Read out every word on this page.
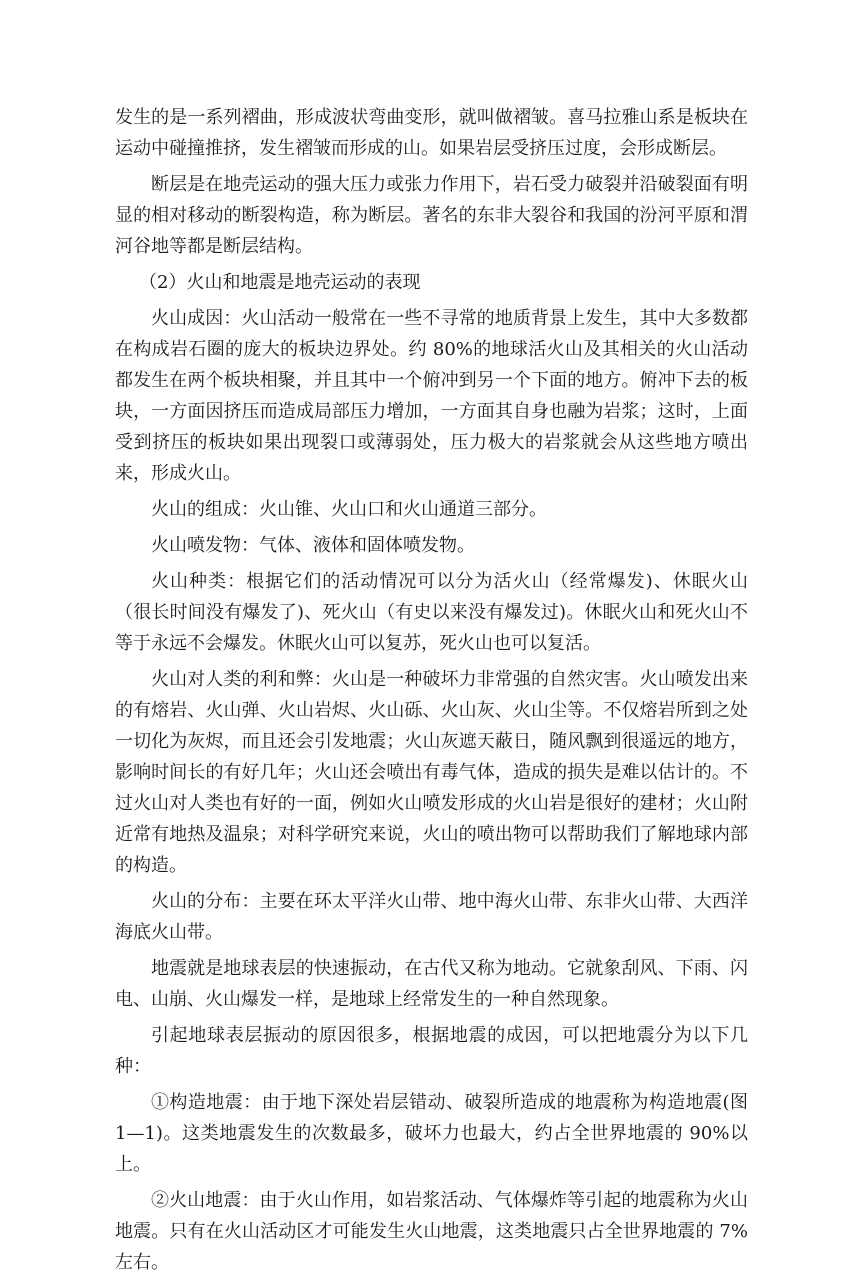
发生的是一系列褶曲，形成波状弯曲变形，就叫做褶皱。喜马拉雅山系是板块在运动中碰撞推挤，发生褶皱而形成的山。如果岩层受挤压过度，会形成断层。

断层是在地壳运动的强大压力或张力作用下，岩石受力破裂并沿破裂面有明显的相对移动的断裂构造，称为断层。著名的东非大裂谷和我国的汾河平原和渭河谷地等都是断层结构。

（2）火山和地震是地壳运动的表现

火山成因：火山活动一般常在一些不寻常的地质背景上发生，其中大多数都在构成岩石圈的庞大的板块边界处。约 80%的地球活火山及其相关的火山活动都发生在两个板块相聚，并且其中一个俯冲到另一个下面的地方。俯冲下去的板块，一方面因挤压而造成局部压力增加，一方面其自身也融为岩浆；这时，上面受到挤压的板块如果出现裂口或薄弱处，压力极大的岩浆就会从这些地方喷出来，形成火山。

火山的组成：火山锥、火山口和火山通道三部分。

火山喷发物：气体、液体和固体喷发物。

火山种类：根据它们的活动情况可以分为活火山（经常爆发)、休眠火山（很长时间没有爆发了)、死火山（有史以来没有爆发过)。休眠火山和死火山不等于永远不会爆发。休眠火山可以复苏，死火山也可以复活。

火山对人类的利和弊：火山是一种破坏力非常强的自然灾害。火山喷发出来的有熔岩、火山弹、火山岩烬、火山砾、火山灰、火山尘等。不仅熔岩所到之处一切化为灰烬，而且还会引发地震；火山灰遮天蔽日，随风飘到很遥远的地方，影响时间长的有好几年；火山还会喷出有毒气体，造成的损失是难以估计的。不过火山对人类也有好的一面，例如火山喷发形成的火山岩是很好的建材；火山附近常有地热及温泉；对科学研究来说，火山的喷出物可以帮助我们了解地球内部的构造。

火山的分布：主要在环太平洋火山带、地中海火山带、东非火山带、大西洋海底火山带。

地震就是地球表层的快速振动，在古代又称为地动。它就象刮风、下雨、闪电、山崩、火山爆发一样，是地球上经常发生的一种自然现象。

引起地球表层振动的原因很多，根据地震的成因，可以把地震分为以下几种：

①构造地震：由于地下深处岩层错动、破裂所造成的地震称为构造地震(图 1—1)。这类地震发生的次数最多，破坏力也最大，约占全世界地震的 90%以上。

②火山地震：由于火山作用，如岩浆活动、气体爆炸等引起的地震称为火山地震。只有在火山活动区才可能发生火山地震，这类地震只占全世界地震的 7%左右。
